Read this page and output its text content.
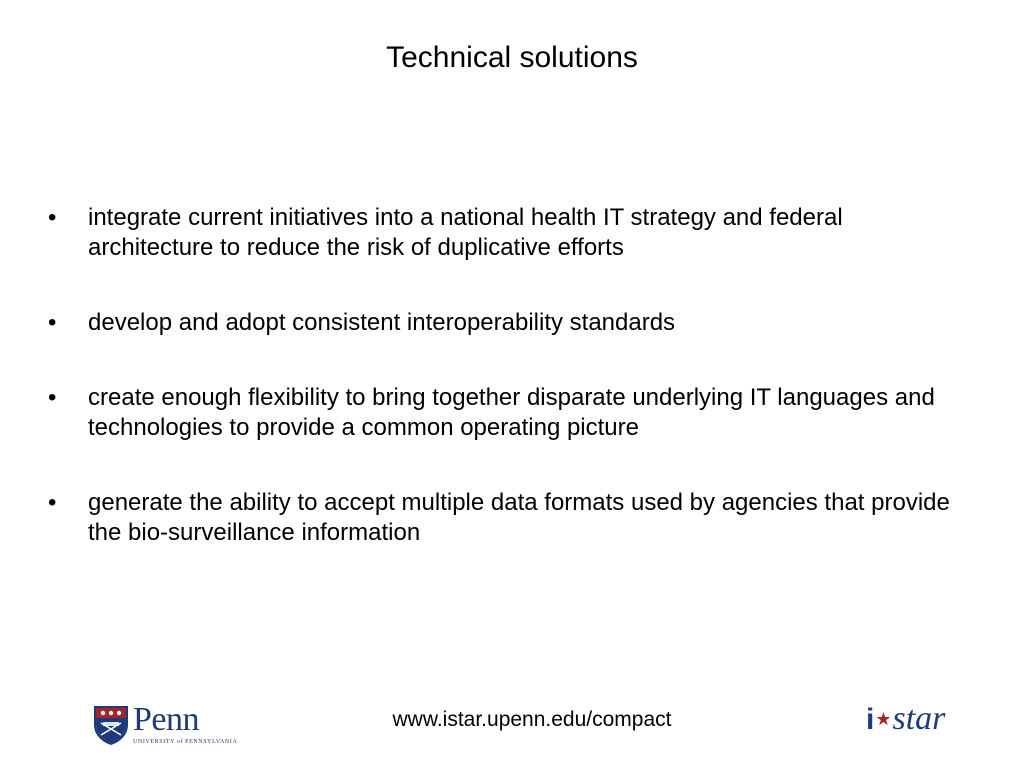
Technical solutions
• integrate current initiatives into a national health IT strategy and federal architecture to reduce the risk of duplicative efforts
• develop and adopt consistent interoperability standards
• create enough flexibility to bring together disparate underlying IT languages and technologies to provide a common operating picture
• generate the ability to accept multiple data formats used by agencies that provide the bio-surveillance information
Penn
UNIVERSITY of PENNSYLVANIA
www.istar.upenn.edu/compact	i★star
